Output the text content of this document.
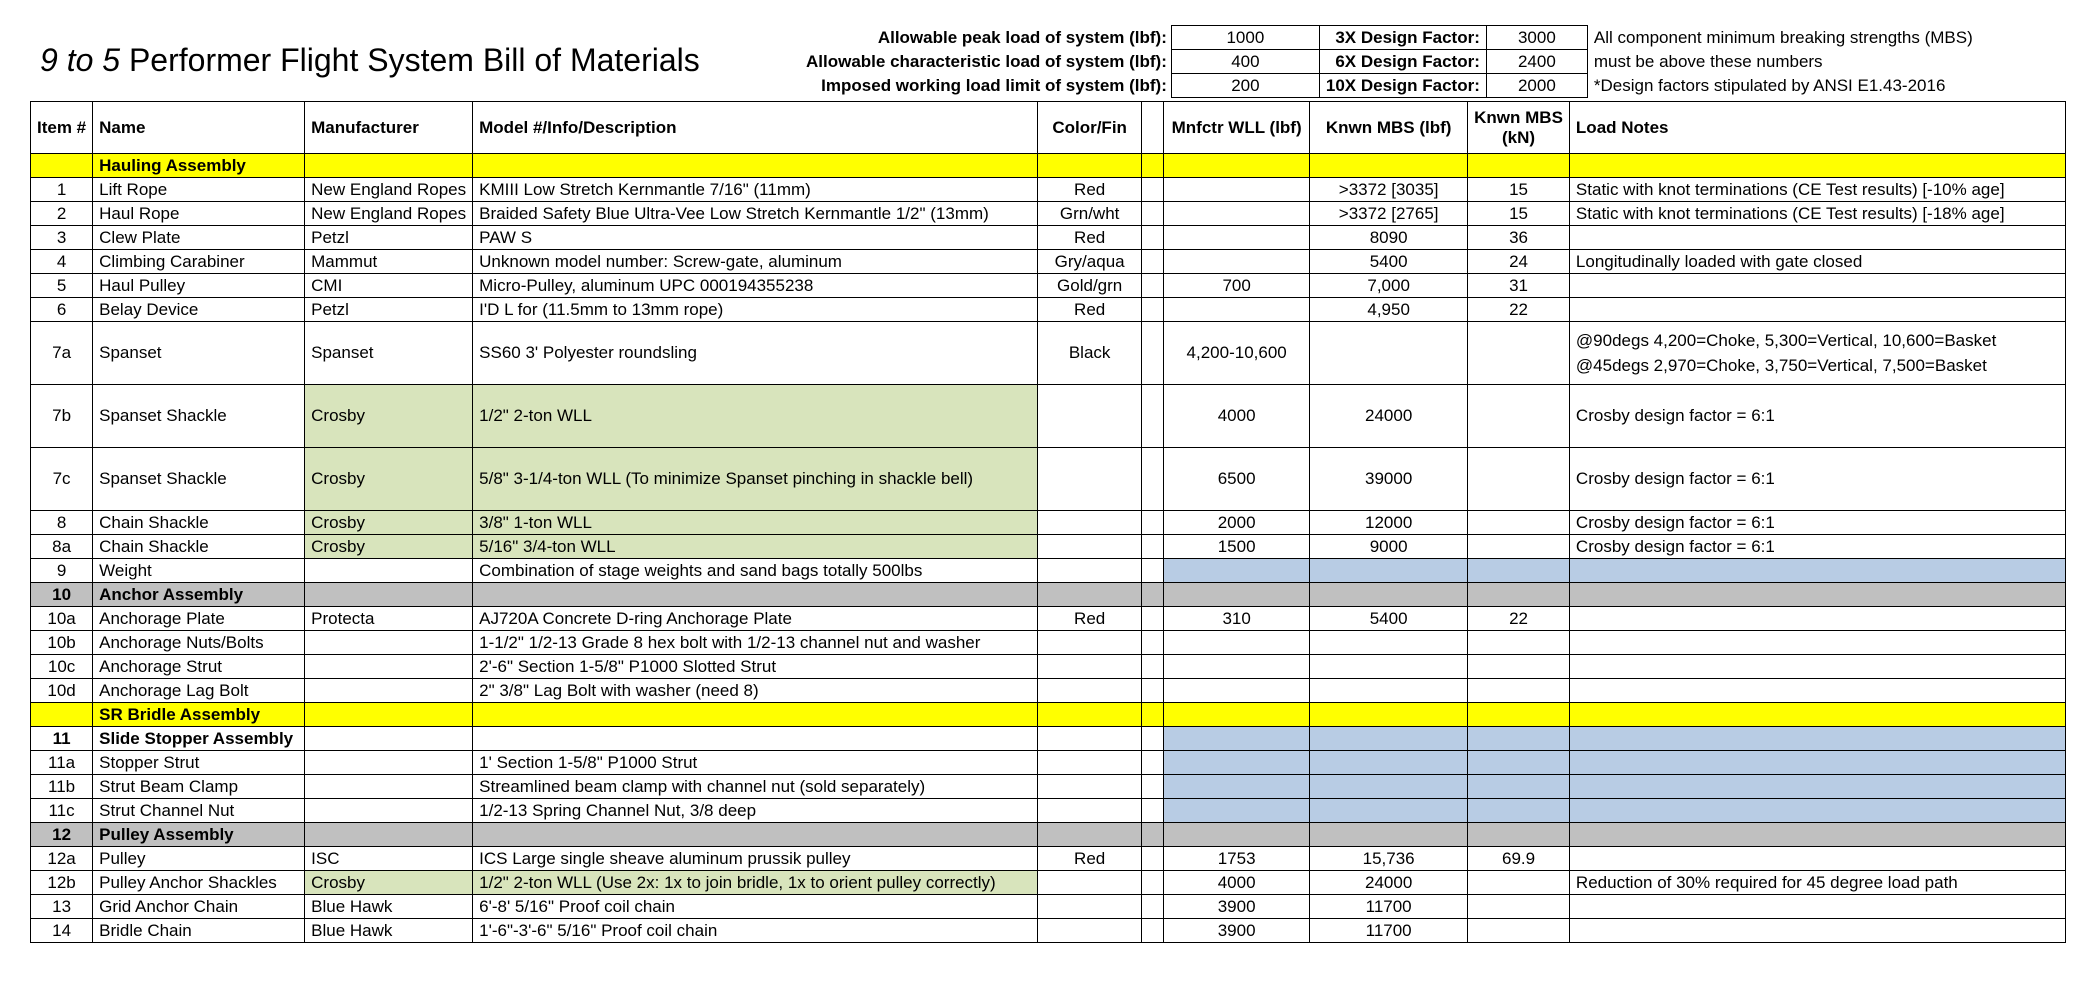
9 to 5 Performer Flight System Bill of Materials
Allowable peak load of system (lbf):	1000	3X Design Factor:	3000	All component minimum breaking strengths (MBS)
Allowable characteristic load of system (lbf):	400	6X Design Factor:	2400	must be above these numbers
Imposed working load limit of system (lbf):	200	10X Design Factor:	2000	*Design factors stipulated by ANSI E1.43-2016
Item #	Name	Manufacturer	Model #/Info/Description	Color/Fin		Mnfctr WLL (lbf)	Knwn MBS (lbf)	Knwn MBS
(kN)	Load Notes
	Hauling Assembly								
1	Lift Rope	New England Ropes	KMIII Low Stretch Kernmantle 7/16" (11mm)	Red			>3372 [3035]	15	Static with knot terminations (CE Test results) [-10% age]
2	Haul Rope	New England Ropes	Braided Safety Blue Ultra-Vee Low Stretch Kernmantle 1/2" (13mm)	Grn/wht			>3372 [2765]	15	Static with knot terminations (CE Test results) [-18% age]
3	Clew Plate	Petzl	PAW S	Red			8090	36	
4	Climbing Carabiner	Mammut	Unknown model number: Screw-gate, aluminum	Gry/aqua			5400	24	Longitudinally loaded with gate closed
5	Haul Pulley	CMI	Micro-Pulley, aluminum UPC 000194355238	Gold/grn		700	7,000	31	
6	Belay Device	Petzl	I'D L for (11.5mm to 13mm rope)	Red			4,950	22	
7a	Spanset	Spanset	SS60 3' Polyester roundsling	Black		4,200-10,600			@90degs 4,200=Choke, 5,300=Vertical, 10,600=Basket
@45degs 2,970=Choke, 3,750=Vertical, 7,500=Basket
7b	Spanset Shackle	Crosby	1/2" 2-ton WLL			4000	24000		Crosby design factor = 6:1
7c	Spanset Shackle	Crosby	5/8" 3-1/4-ton WLL (To minimize Spanset pinching in shackle bell)			6500	39000		Crosby design factor = 6:1
8	Chain Shackle	Crosby	3/8" 1-ton WLL			2000	12000		Crosby design factor = 6:1
8a	Chain Shackle	Crosby	5/16" 3/4-ton WLL			1500	9000		Crosby design factor = 6:1
9	Weight		Combination of stage weights and sand bags totally 500lbs						
10	Anchor Assembly								
10a	Anchorage Plate	Protecta	AJ720A Concrete D-ring Anchorage Plate	Red		310	5400	22	
10b	Anchorage Nuts/Bolts		1-1/2" 1/2-13 Grade 8 hex bolt with 1/2-13 channel nut and washer						
10c	Anchorage Strut		2'-6" Section 1-5/8" P1000 Slotted Strut						
10d	Anchorage Lag Bolt		2" 3/8" Lag Bolt with washer (need 8)						
	SR Bridle Assembly								
11	Slide Stopper Assembly								
11a	Stopper Strut		1' Section 1-5/8" P1000 Strut						
11b	Strut Beam Clamp		Streamlined beam clamp with channel nut (sold separately)						
11c	Strut Channel Nut		1/2-13 Spring Channel Nut, 3/8 deep						
12	Pulley Assembly								
12a	Pulley	ISC	ICS Large single sheave aluminum prussik pulley	Red		1753	15,736	69.9	
12b	Pulley Anchor Shackles	Crosby	1/2" 2-ton WLL (Use 2x: 1x to join bridle, 1x to orient pulley correctly)			4000	24000		Reduction of 30% required for 45 degree load path
13	Grid Anchor Chain	Blue Hawk	6'-8' 5/16" Proof coil chain			3900	11700		
14	Bridle Chain	Blue Hawk	1'-6"-3'-6" 5/16" Proof coil chain			3900	11700		
